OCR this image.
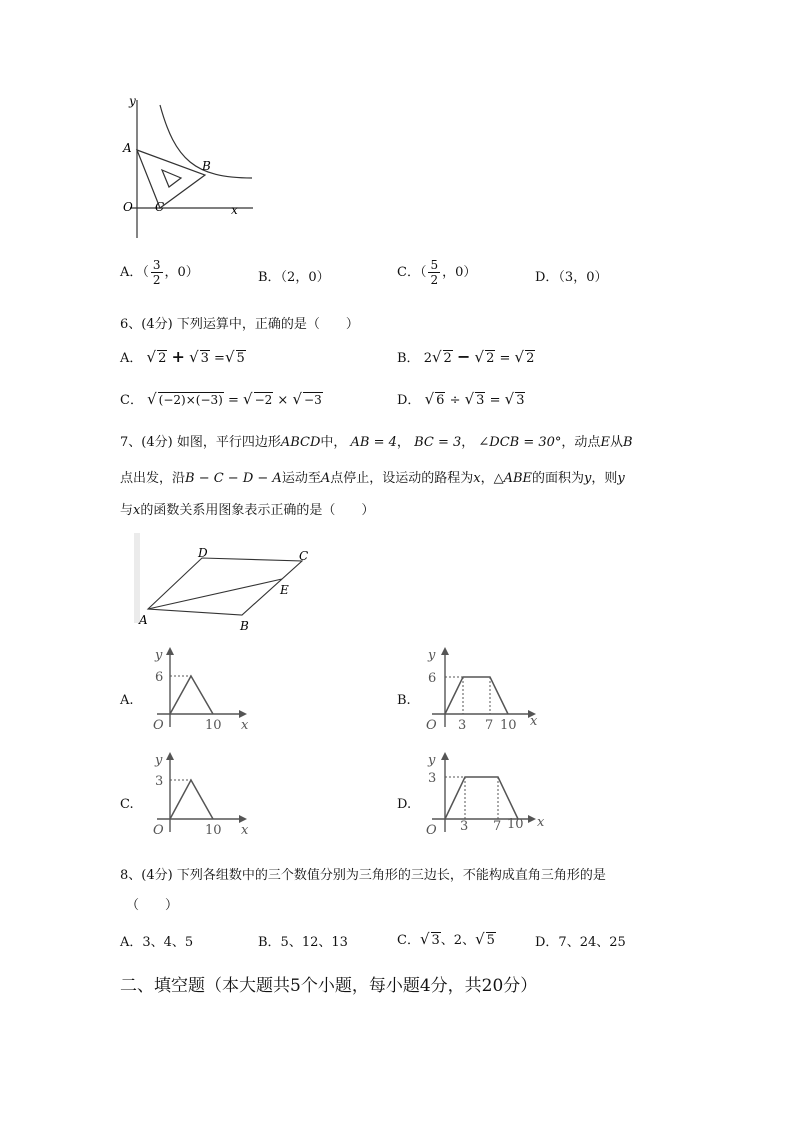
y
x
O
A
B
C
A．（ $\frac{3}{2}$ ，0）	B．（2，0）	C．（ $\frac{5}{2}$ ，0）	D．（3，0）
6、(4分) 下列运算中，正确的是（　　）
A． √ 2 + √ 3 =√ 5	B． 2√ 2 − √ 2 = √ 2
C． √ (−2)×(−3) = √ −2 × √ −3	D． √ 6 ÷ √ 3 = √ 3
7、(4分) 如图，平行四边形ABCD中， AB = 4， BC = 3， ∠DCB = 30°，动点E从B
点出发，沿B − C − D − A运动至A点停止，设运动的路程为x，△ABE的面积为y，则y
与x的函数关系用图象表示正确的是（　　）
A	B
C
D
E
A.	B.
C.	D.
y
6
O	10 x
y
6
O 3 7 10 x
y
3
O	10 x
y
3
O 3 7 10 x
8、(4分) 下列各组数中的三个数值分别为三角形的三边长，不能构成直角三角形的是
（　　）
A．3、4、5	B．5、12、13	C．√ 3、2、√ 5	D．7、24、25
二、填空题（本大题共5个小题，每小题4分，共20分）
